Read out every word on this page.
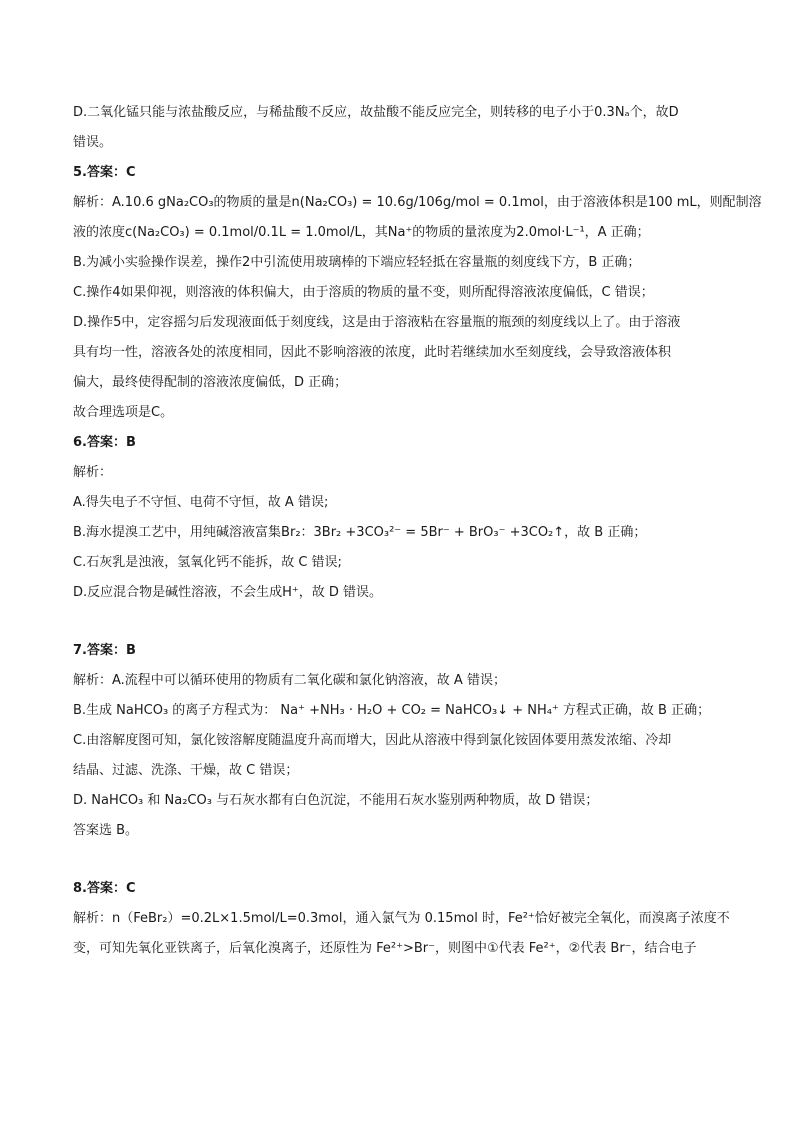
D.二氧化锰只能与浓盐酸反应，与稀盐酸不反应，故盐酸不能反应完全，则转移的电子小于0.3Nₐ个，故D

错误。

5.答案：C

解析：A.10.6 gNa₂CO₃的物质的量是n(Na₂CO₃) = 10.6g/106g/mol = 0.1mol，由于溶液体积是100 mL，则配制溶

液的浓度c(Na₂CO₃) = 0.1mol/0.1L = 1.0mol/L，其Na⁺的物质的量浓度为2.0mol·L⁻¹，A 正确；

B.为减小实验操作误差，操作2中引流使用玻璃棒的下端应轻轻抵在容量瓶的刻度线下方，B 正确；

C.操作4如果仰视，则溶液的体积偏大，由于溶质的物质的量不变，则所配得溶液浓度偏低，C 错误；

D.操作5中，定容摇匀后发现液面低于刻度线，这是由于溶液粘在容量瓶的瓶颈的刻度线以上了。由于溶液

具有均一性，溶液各处的浓度相同，因此不影响溶液的浓度，此时若继续加水至刻度线，会导致溶液体积

偏大，最终使得配制的溶液浓度偏低，D 正确；

故合理选项是C。

6.答案：B

解析：

A.得失电子不守恒、电荷不守恒，故 A 错误;

B.海水提溴工艺中，用纯碱溶液富集Br₂：3Br₂ +3CO₃²⁻ = 5Br⁻ + BrO₃⁻ +3CO₂↑，故 B 正确；

C.石灰乳是浊液，氢氧化钙不能拆，故 C 错误;

D.反应混合物是碱性溶液，不会生成H⁺，故 D 错误。

7.答案：B

解析：A.流程中可以循环使用的物质有二氧化碳和氯化钠溶液，故 A 错误；

B.生成 NaHCO₃ 的离子方程式为： Na⁺ +NH₃ · H₂O + CO₂ = NaHCO₃↓ + NH₄⁺ 方程式正确，故 B 正确；

C.由溶解度图可知，氯化铵溶解度随温度升高而增大，因此从溶液中得到氯化铵固体要用蒸发浓缩、冷却

结晶、过滤、洗涤、干燥，故 C 错误；

D. NaHCO₃ 和 Na₂CO₃ 与石灰水都有白色沉淀，不能用石灰水鉴别两种物质，故 D 错误；

答案选 B。

8.答案：C

解析：n（FeBr₂）=0.2L×1.5mol/L=0.3mol，通入氯气为 0.15mol 时，Fe²⁺恰好被完全氧化，而溴离子浓度不

变，可知先氧化亚铁离子，后氧化溴离子，还原性为 Fe²⁺>Br⁻，则图中①代表 Fe²⁺，②代表 Br⁻，结合电子
